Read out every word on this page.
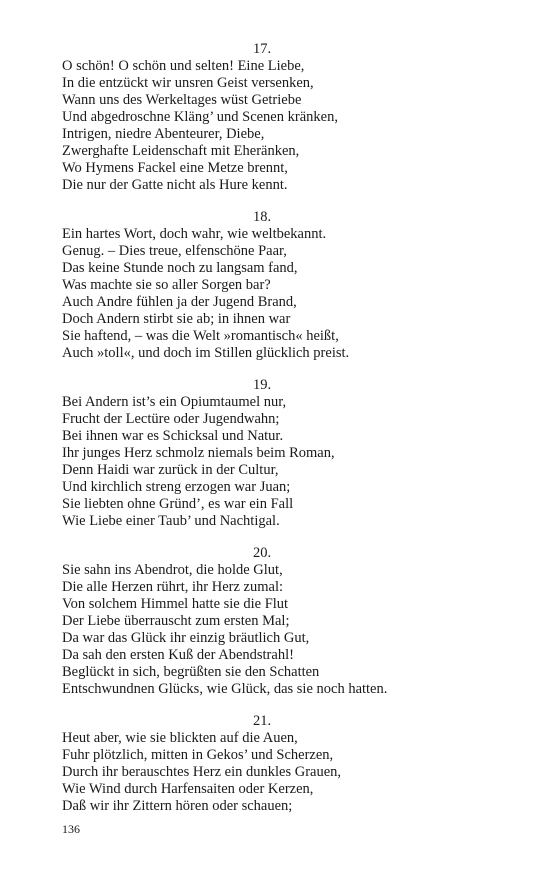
17.
O schön! O schön und selten! Eine Liebe,
In die entzückt wir unsren Geist versenken,
Wann uns des Werkeltages wüst Getriebe
Und abgedroschne Kläng’ und Scenen kränken,
Intrigen, niedre Abenteurer, Diebe,
Zwerghafte Leidenschaft mit Eheränken,
Wo Hymens Fackel eine Metze brennt,
Die nur der Gatte nicht als Hure kennt.
18.
Ein hartes Wort, doch wahr, wie weltbekannt.
Genug. – Dies treue, elfenschöne Paar,
Das keine Stunde noch zu langsam fand,
Was machte sie so aller Sorgen bar?
Auch Andre fühlen ja der Jugend Brand,
Doch Andern stirbt sie ab; in ihnen war
Sie haftend, – was die Welt »romantisch« heißt,
Auch »toll«, und doch im Stillen glücklich preist.
19.
Bei Andern ist’s ein Opiumtaumel nur,
Frucht der Lectüre oder Jugendwahn;
Bei ihnen war es Schicksal und Natur.
Ihr junges Herz schmolz niemals beim Roman,
Denn Haidi war zurück in der Cultur,
Und kirchlich streng erzogen war Juan;
Sie liebten ohne Gründ’, es war ein Fall
Wie Liebe einer Taub’ und Nachtigal.
20.
Sie sahn ins Abendrot, die holde Glut,
Die alle Herzen rührt, ihr Herz zumal:
Von solchem Himmel hatte sie die Flut
Der Liebe überrauscht zum ersten Mal;
Da war das Glück ihr einzig bräutlich Gut,
Da sah den ersten Kuß der Abendstrahl!
Beglückt in sich, begrüßten sie den Schatten
Entschwundnen Glücks, wie Glück, das sie noch hatten.
21.
Heut aber, wie sie blickten auf die Auen,
Fuhr plötzlich, mitten in Gekos’ und Scherzen,
Durch ihr berauschtes Herz ein dunkles Grauen,
Wie Wind durch Harfensaiten oder Kerzen,
Daß wir ihr Zittern hören oder schauen;
136
